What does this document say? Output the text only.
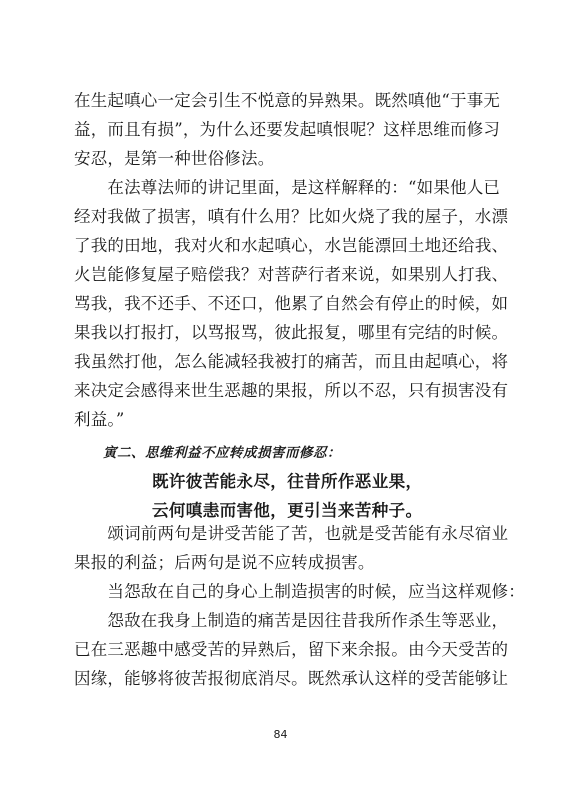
在生起嗔心一定会引生不悦意的异熟果。既然嗔他“于事无
益，而且有损”，为什么还要发起嗔恨呢？这样思维而修习
安忍，是第一种世俗修法。
　　在法尊法师的讲记里面，是这样解释的：“如果他人已
经对我做了损害，嗔有什么用？比如火烧了我的屋子，水漂
了我的田地，我对火和水起嗔心，水岂能漂回土地还给我、
火岂能修复屋子赔偿我？对菩萨行者来说，如果别人打我、
骂我，我不还手、不还口，他累了自然会有停止的时候，如
果我以打报打，以骂报骂，彼此报复，哪里有完结的时候。
我虽然打他，怎么能减轻我被打的痛苦，而且由起嗔心，将
来决定会感得来世生恶趣的果报，所以不忍，只有损害没有
利益。”
寅二、思维利益不应转成损害而修忍：
既许彼苦能永尽，往昔所作恶业果，
云何嗔恚而害他，更引当来苦种子。
　　颂词前两句是讲受苦能了苦，也就是受苦能有永尽宿业
果报的利益；后两句是说不应转成损害。
　　当怨敌在自己的身心上制造损害的时候，应当这样观修：
　　怨敌在我身上制造的痛苦是因往昔我所作杀生等恶业，
已在三恶趣中感受苦的异熟后，留下来余报。由今天受苦的
因缘，能够将彼苦报彻底消尽。既然承认这样的受苦能够让
84
